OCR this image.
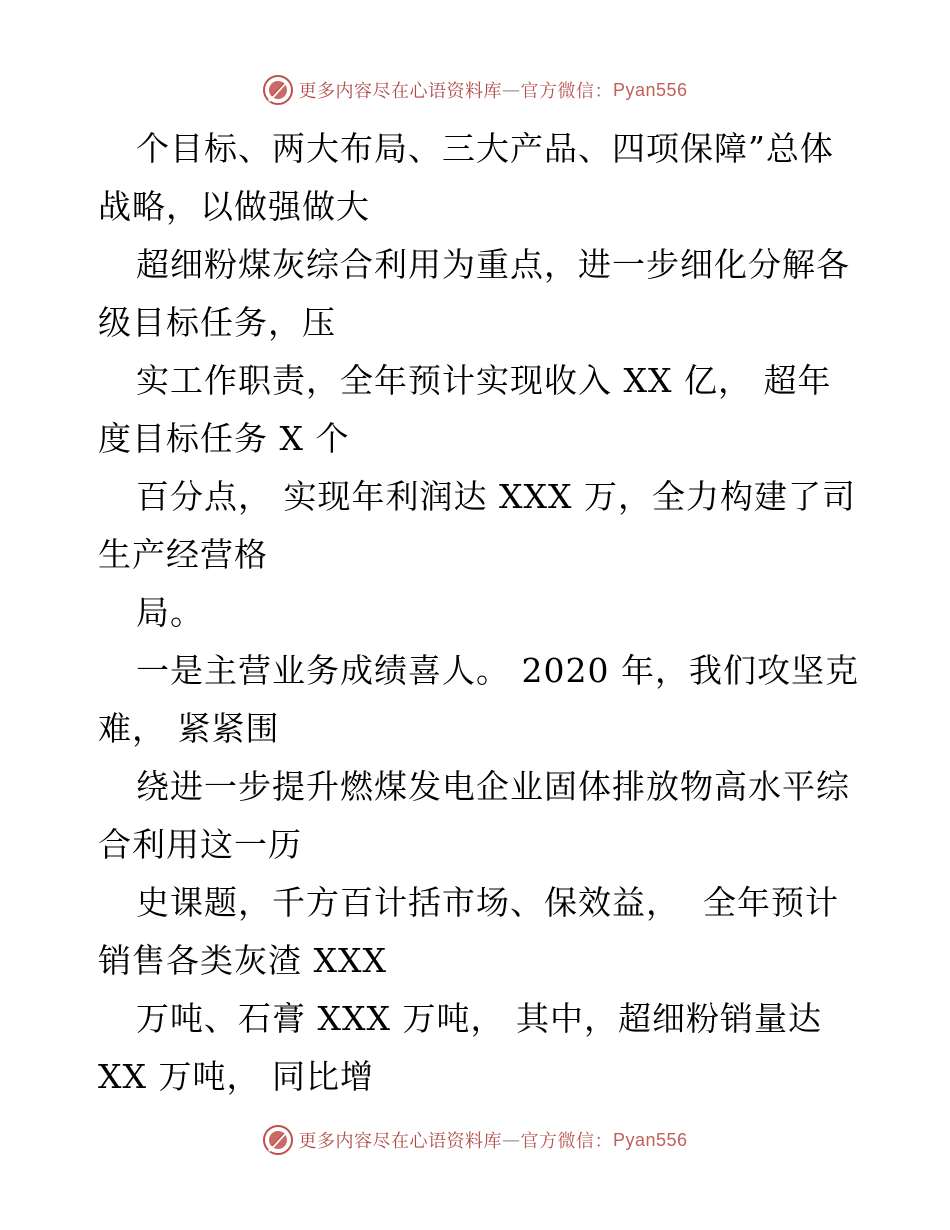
更多内容尽在心语资料库 — 官方微信： Pyan556
个目标、两大布局、三大产品、四项保障”总体
战略，以做强做大
超细粉煤灰综合利用为重点，进一步细化分解各
级目标任务，压
实工作职责，全年预计实现收入 XX 亿， 超年
度目标任务 X 个
百分点， 实现年利润达 XXX 万，全力构建了司
生产经营格
局。
一是主营业务成绩喜人。 2020 年，我们攻坚克
难， 紧紧围
绕进一步提升燃煤发电企业固体排放物高水平综
合利用这一历
史课题，千方百计括市场、保效益，  全年预计
销售各类灰渣 XXX
万吨、石膏 XXX 万吨， 其中，超细粉销量达
XX 万吨， 同比增
更多内容尽在心语资料库 — 官方微信： Pyan556
